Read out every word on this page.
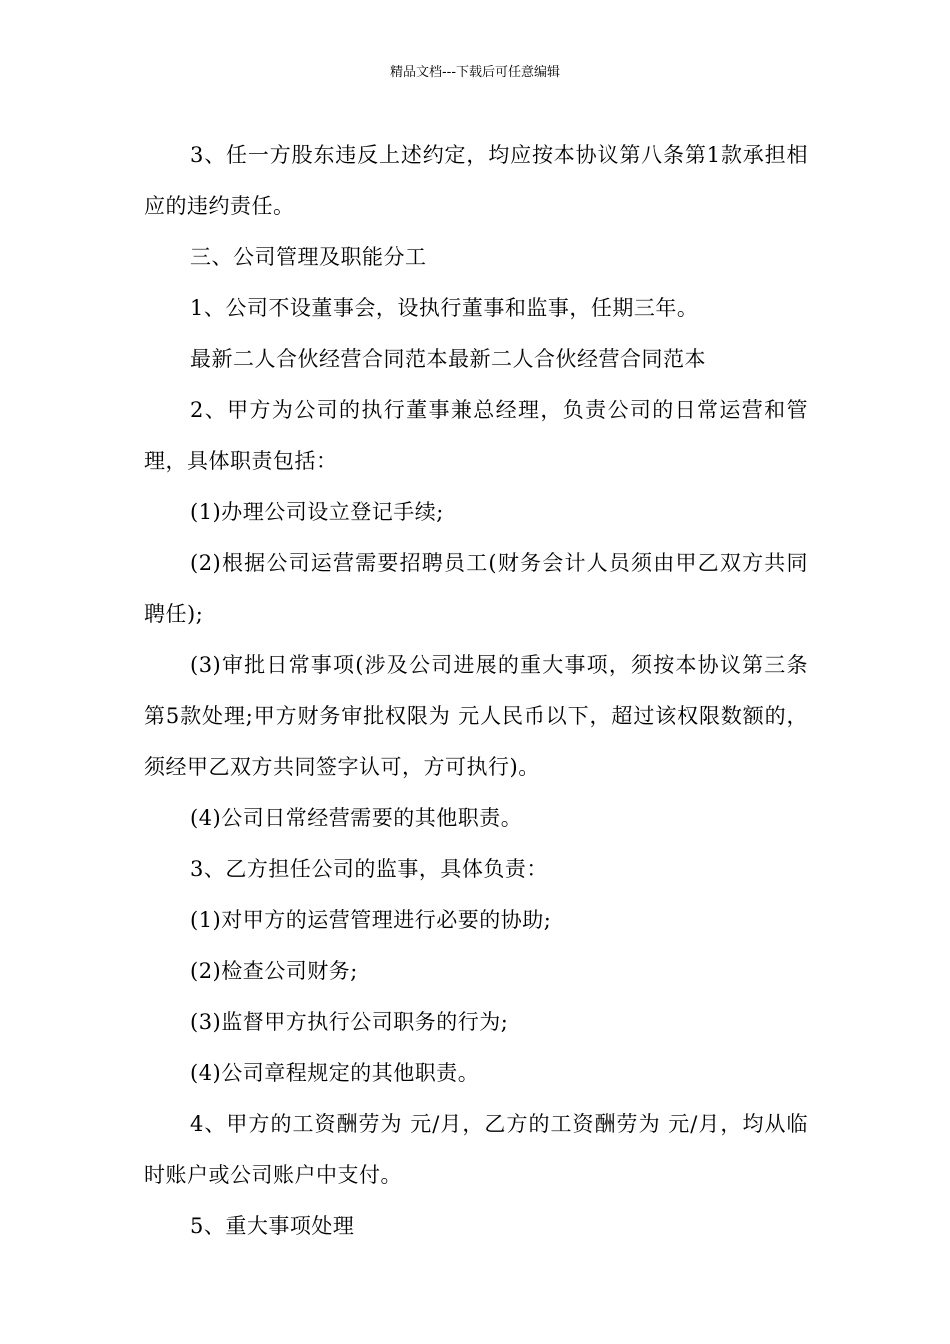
精品文档---下载后可任意编辑

3、任一方股东违反上述约定，均应按本协议第八条第1款承担相应的违约责任。

三、公司管理及职能分工

1、公司不设董事会，设执行董事和监事，任期三年。

最新二人合伙经营合同范本最新二人合伙经营合同范本

2、甲方为公司的执行董事兼总经理，负责公司的日常运营和管理，具体职责包括：

(1)办理公司设立登记手续;

(2)根据公司运营需要招聘员工(财务会计人员须由甲乙双方共同聘任);

(3)审批日常事项(涉及公司进展的重大事项，须按本协议第三条第5款处理;甲方财务审批权限为 元人民币以下，超过该权限数额的，须经甲乙双方共同签字认可，方可执行)。

(4)公司日常经营需要的其他职责。

3、乙方担任公司的监事，具体负责：

(1)对甲方的运营管理进行必要的协助;

(2)检查公司财务;

(3)监督甲方执行公司职务的行为;

(4)公司章程规定的其他职责。

4、甲方的工资酬劳为 元/月，乙方的工资酬劳为 元/月，均从临时账户或公司账户中支付。

5、重大事项处理
